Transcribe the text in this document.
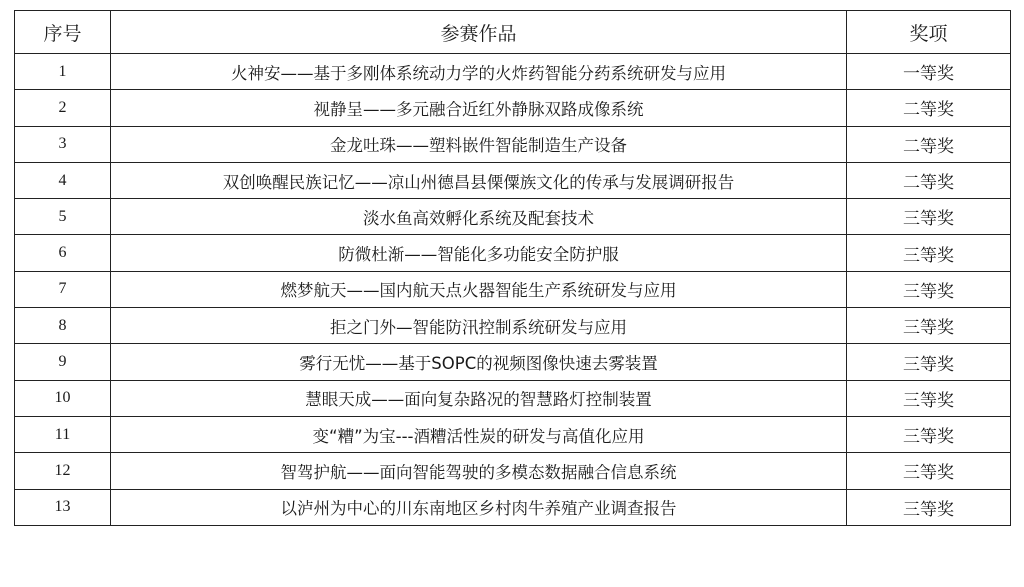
序号	参赛作品	奖项
1	火神安——基于多刚体系统动力学的火炸药智能分药系统研发与应用	一等奖
2	视静呈——多元融合近红外静脉双路成像系统	二等奖
3	金龙吐珠——塑料嵌件智能制造生产设备	二等奖
4	双创唤醒民族记忆——凉山州德昌县傈僳族文化的传承与发展调研报告	二等奖
5	淡水鱼高效孵化系统及配套技术	三等奖
6	防微杜渐——智能化多功能安全防护服	三等奖
7	燃梦航天——国内航天点火器智能生产系统研发与应用	三等奖
8	拒之门外—智能防汛控制系统研发与应用	三等奖
9	雾行无忧——基于SOPC的视频图像快速去雾装置	三等奖
10	慧眼天成——面向复杂路况的智慧路灯控制装置	三等奖
11	变“糟”为宝---酒糟活性炭的研发与高值化应用	三等奖
12	智驾护航——面向智能驾驶的多模态数据融合信息系统	三等奖
13	以泸州为中心的川东南地区乡村肉牛养殖产业调查报告	三等奖
